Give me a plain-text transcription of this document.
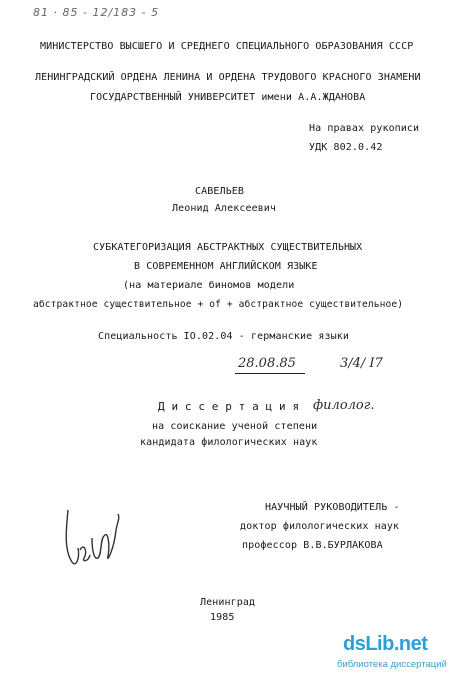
81 · 85 - 12/183 - 5
МИНИСТЕРСТВО ВЫСШЕГО И СРЕДНЕГО СПЕЦИАЛЬНОГО ОБРАЗОВАНИЯ СССР
ЛЕНИНГРАДСКИЙ ОРДЕНА ЛЕНИНА И ОРДЕНА ТРУДОВОГО КРАСНОГО ЗНАМЕНИ
ГОСУДАРСТВЕННЫЙ УНИВЕРСИТЕТ имени А.А.ЖДАНОВА
На правах рукописи
УДК 802.0.42
САВЕЛЬЕВ
Леонид Алексеевич
СУБКАТЕГОРИЗАЦИЯ АБСТРАКТНЫХ СУЩЕСТВИТЕЛЬНЫХ
В СОВРЕМЕННОМ АНГЛИЙСКОМ ЯЗЫКЕ
(на материале биномов модели
абстрактное существительное + of + абстрактное существительное)
Специальность IO.02.04 - германские языки
28.08.85	3/4/ I7
Д и с с е р т а ц и я филолог.
на соискание ученой степени
кандидата филологических наук
НАУЧНЫЙ РУКОВОДИТЕЛЬ -
доктор филологических наук
профессор В.В.БУРЛАКОВА
Ленинград
1985
dsLib.net
библиотека диссертаций
